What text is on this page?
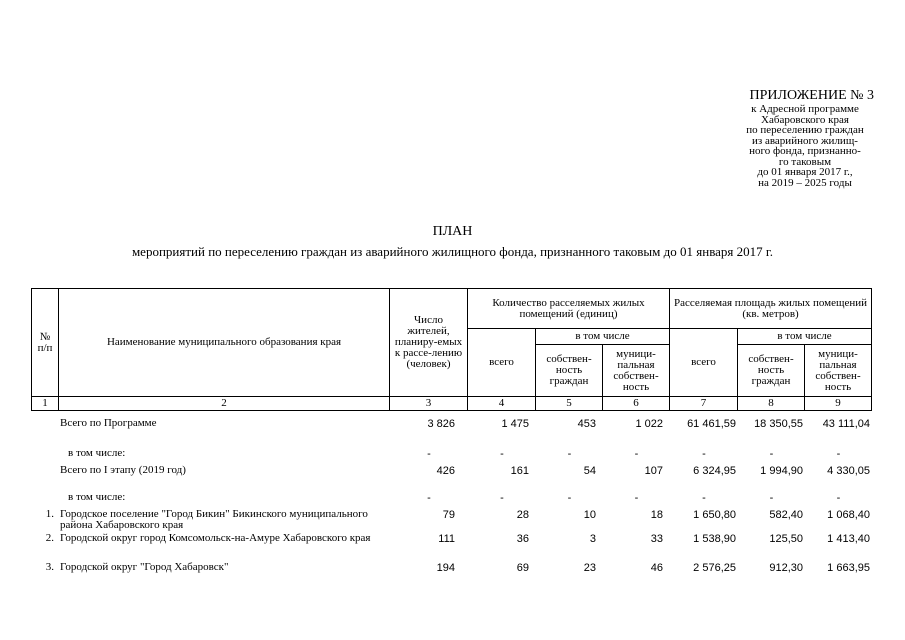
ПРИЛОЖЕНИЕ № 3
к Адресной программе
Хабаровского края
по переселению граждан
из аварийного жилищ-
ного фонда, признанно-
го таковым
до 01 января 2017 г.,
на 2019 – 2025 годы
ПЛАН
мероприятий по переселению граждан из аварийного жилищного фонда, признанного таковым до 01 января 2017 г.
№ п/п	Наименование муниципального образования края	Число жителей, планиру-емых к рассе-лению (человек)	Количество расселяемых жилых помещений (единиц)			Расселяемая площадь жилых помещений (кв. метров)		
			всего	в том числе		всего	в том числе	
				собствен-ность граждан	муници-пальная собствен-ность		собствен-ность граждан	муници-пальная собствен-ность
1	2	3	4	5	6	7	8	9
	Всего по Программе	3 826	1 475	453	1 022	61 461,59	18 350,55	43 111,04
	в том числе:	-	-	-	-	-	-	-
	Всего по I этапу (2019 год)	426	161	54	107	6 324,95	1 994,90	4 330,05
	в том числе:	-	-	-	-	-	-	-
1.	Городское поселение "Город Бикин" Бикинского муниципального района Хабаровского края	79	28	10	18	1 650,80	582,40	1 068,40
2.	Городской округ город Комсомольск-на-Амуре Хабаровского края	111	36	3	33	1 538,90	125,50	1 413,40
3.	Городской округ "Город Хабаровск"	194	69	23	46	2 576,25	912,30	1 663,95
